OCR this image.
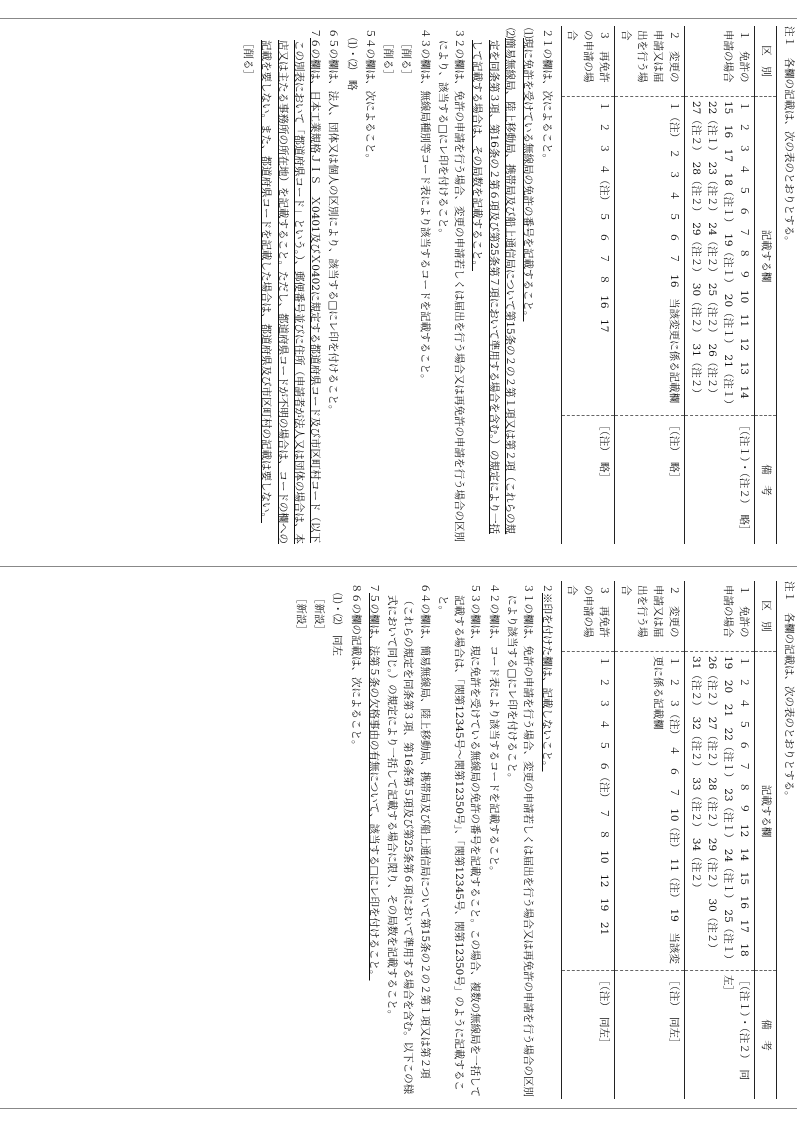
注１　各欄の記載は、次の表のとおりとする。

区　別	記載する欄	備　考
１　免許の申請の場合	１　２　３　４　５　６　７　８　９　10　11　12　13　14　15　16　17　18（注１）　19（注１）　20（注１）　21（注１）　22（注１）　23（注２）　24（注２）　25（注２）　26（注２）　27（注２）　28（注２）　29（注２）　30（注２）　31（注２）	［（注１）・（注２）　略］
２　変更の申請又は届出を行う場合	１（注）　２　３　４　５　６　７　16　当該変更に係る記載欄	［（注）　略］
３　再免許の申請の場合	１　２　３　４（注）　５　６　７　８　16　17	［（注）　略］

２１の欄は、次によること。

⑴現に免許を受けている無線局の免許の番号を記載すること。

⑵簡易無線局、陸上移動局、携帯局及び船上通信局について第15条の２の２第１項又は第２項（これらの規定を同条第３項、第16条の２第６項及び第25条第７項において準用する場合を含む。）の規定により一括して記載する場合は、その局数を記載すること。

３２の欄は、免許の申請を行う場合、変更の申請若しくは届出を行う場合又は再免許の申請を行う場合の区別により、該当する□にレ印を付けること。

４３の欄は、無線局種別等コード表により該当するコードを記載すること。

［削る］

［削る］

５４の欄は、次によること。

⑴・⑵　略

６５の欄は、法人、団体又は個人の区別により、該当する□にレ印を付けること。

７６の欄は、日本工業規格ＪＩＳ　Ｘ0401及びＸ0402に規定する都道府県コード及び市区町村コード（以下この別表において「都道府県コード」という。）、郵便番号並びに住所（申請者が法人又は団体の場合は、本店又は主たる事務所の所在地）を記載すること。ただし、都道府県コードが不明の場合は、コードの欄への記載を要しない。また、都道府県コードを記載した場合は、都道府県及び市区町村の記載は要しない。

［削る］

注１　各欄の記載は、次の表のとおりとする。

区　別	記載する欄	備　考
１　免許の申請の場合	１　２　４　５　６　７　８　９　12　14　15　16　17　18　19　20　21　22（注１）　23（注１）　24（注１）　25（注１）　26（注２）　27（注２）　28（注２）　29（注２）　30（注２）　31（注２）　32（注２）　33（注２）　34（注２）	［（注１）・（注２）　同左］
２　変更の申請又は届出を行う場合	１　２　３（注）　４　６　７　10（注）　11（注）　19　当該変更に係る記載欄	［（注）　同左］
３　再免許の申請の場合	１　２　３　４　５　６（注）　７　８　10　12　19　21	［（注）　同左］

２※印を付けた欄は、記載しないこと。

３１の欄は、免許の申請を行う場合、変更の申請若しくは届出を行う場合又は再免許の申請を行う場合の区別により該当する□にレ印を付けること。

４２の欄は、コード表により該当するコードを記載すること。

５３の欄は、現に免許を受けている無線局の免許の番号を記載すること。この場合、複数の無線局を一括して記載する場合は、「関第12345号～関第12350号」、「関第12345号、関第12350号」のように記載すること。

６４の欄は、簡易無線局、陸上移動局、携帯局及び船上通信局について第15条の２の２第１項又は第２項（これらの規定を同条第３項、第16条第５項及び第25条第６項において準用する場合を含む。以下この様式において同じ。）の規定により一括して記載する場合に限り、その局数を記載すること。

７５の欄は、法第５条の欠格事由の有無について、該当する□にレ印を付けること。

８６の欄の記載は、次によること。

⑴・⑵　同左

［新設］

［新設］
